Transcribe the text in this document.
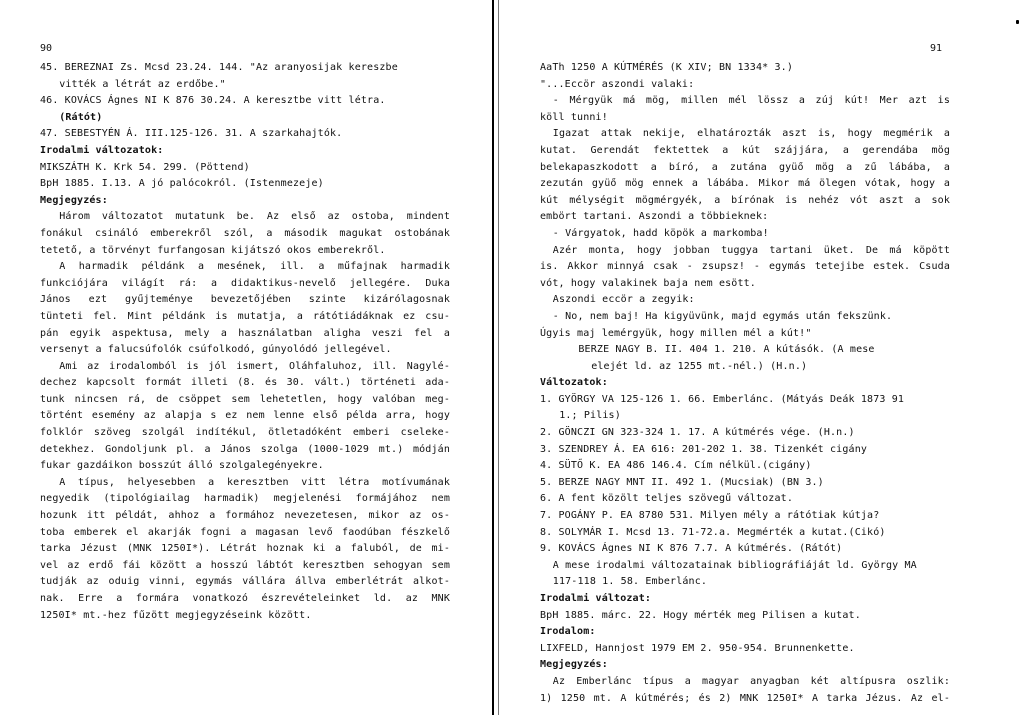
90
45. BEREZNAI Zs. Mcsd 23.24. 144. "Az aranyosijak kereszbe
vitték a létrát az erdőbe."
46. KOVÁCS Ágnes NI K 876 30.24. A keresztbe vitt létra.
(Rátót)
47. SEBESTYÉN Á. III.125-126. 31. A szarkahajtók.
Irodalmi változatok:
MIKSZÁTH K. Krk 54. 299. (Pöttend)
BpH 1885. I.13. A jó palócokról. (Istenmezeje)
Megjegyzés:
Három változatot mutatunk be. Az első az ostoba, mindent
fonákul csináló emberekről szól, a második magukat ostobának
tetető, a törvényt furfangosan kijátszó okos emberekről.
A harmadik példánk a mesének, ill. a műfajnak harmadik
funkciójára világít rá: a didaktikus-nevelő jellegére. Duka
János ezt gyűjteménye bevezetőjében szinte kizárólagosnak
tünteti fel. Mint példánk is mutatja, a rátótiádáknak ez csu-
pán egyik aspektusa, mely a használatban aligha veszi fel a
versenyt a falucsúfolók csúfolkodó, gúnyolódó jellegével.
Ami az irodalomból is jól ismert, Oláhfaluhoz, ill. Nagylé-
dechez kapcsolt formát illeti (8. és 30. vált.) történeti ada-
tunk nincsen rá, de csöppet sem lehetetlen, hogy valóban meg-
történt esemény az alapja s ez nem lenne első példa arra, hogy
folklór szöveg szolgál indítékul, ötletadóként emberi cseleke-
detekhez. Gondoljunk pl. a János szolga (1000-1029 mt.) módján
fukar gazdáikon bosszút álló szolgalegényekre.
A típus, helyesebben a keresztben vitt létra motívumának
negyedik (tipológiailag harmadik) megjelenési formájához nem
hozunk itt példát, ahhoz a formához nevezetesen, mikor az os-
toba emberek el akarják fogni a magasan levő faodúban fészkelő
tarka Jézust (MNK 1250I*). Létrát hoznak ki a faluból, de mi-
vel az erdő fái között a hosszú lábtót keresztben sehogyan sem
tudják az oduig vinni, egymás vállára állva emberlétrát alkot-
nak. Erre a formára vonatkozó észrevételeinket ld. az MNK
1250I* mt.-hez fűzött megjegyzéseink között.
91
AaTh 1250 A KÚTMÉRÉS (K XIV; BN 1334* 3.)
"...Eccör aszondi valaki:
- Mérgyük má mög, millen mél lössz a zúj kút! Mer azt is
köll tunni!
Igazat attak nekije, elhatározták aszt is, hogy megmérik a
kutat. Gerendát fektettek a kút szájjára, a gerendába mög
belekapaszkodott a bíró, a zutána gyüő mög a zű lábába, a
zezután gyüő mög ennek a lábába. Mikor má ölegen vótak, hogy a
kút mélységit mögmérgyék, a bírónak is nehéz vót aszt a sok
embört tartani. Aszondi a többieknek:
- Várgyatok, hadd köpök a markomba!
Azér monta, hogy jobban tuggya tartani üket. De má köpött
is. Akkor minnyá csak - zsupsz! - egymás tetejibe estek. Csuda
vót, hogy valakinek baja nem esött.
Aszondi eccör a zegyik:
- No, nem baj! Ha kigyüvünk, majd egymás után fekszünk.
Úgyis maj lemérgyük, hogy millen mél a kút!"
BERZE NAGY B. II. 404 1. 210. A kútásók. (A mese
elejét ld. az 1255 mt.-nél.) (H.n.)
Változatok:
1. GYÖRGY VA 125-126 1. 66. Emberlánc. (Mátyás Deák 1873 91
1.; Pilis)
2. GÖNCZI GN 323-324 1. 17. A kútmérés vége. (H.n.)
3. SZENDREY Á. EA 616: 201-202 1. 38. Tizenkét cigány
4. SÜTŐ K. EA 486 146.4. Cím nélkül.(cigány)
5. BERZE NAGY MNT II. 492 1. (Mucsiak) (BN 3.)
6. A fent közölt teljes szövegű változat.
7. POGÁNY P. EA 8780 531. Milyen mély a rátótiak kútja?
8. SOLYMÁR I. Mcsd 13. 71-72.a. Megmérték a kutat.(Cikó)
9. KOVÁCS Ágnes NI K 876 7.7. A kútmérés. (Rátót)
A mese irodalmi változatainak bibliográfiáját ld. György MA
117-118 1. 58. Emberlánc.
Irodalmi változat:
BpH 1885. márc. 22. Hogy mérték meg Pilisen a kutat.
Irodalom:
LIXFELD, Hannjost 1979 EM 2. 950-954. Brunnenkette.
Megjegyzés:
Az Emberlánc típus a magyar anyagban két altípusra oszlik:
1) 1250 mt. A kútmérés; és 2) MNK 1250I* A tarka Jézus. Az el-
